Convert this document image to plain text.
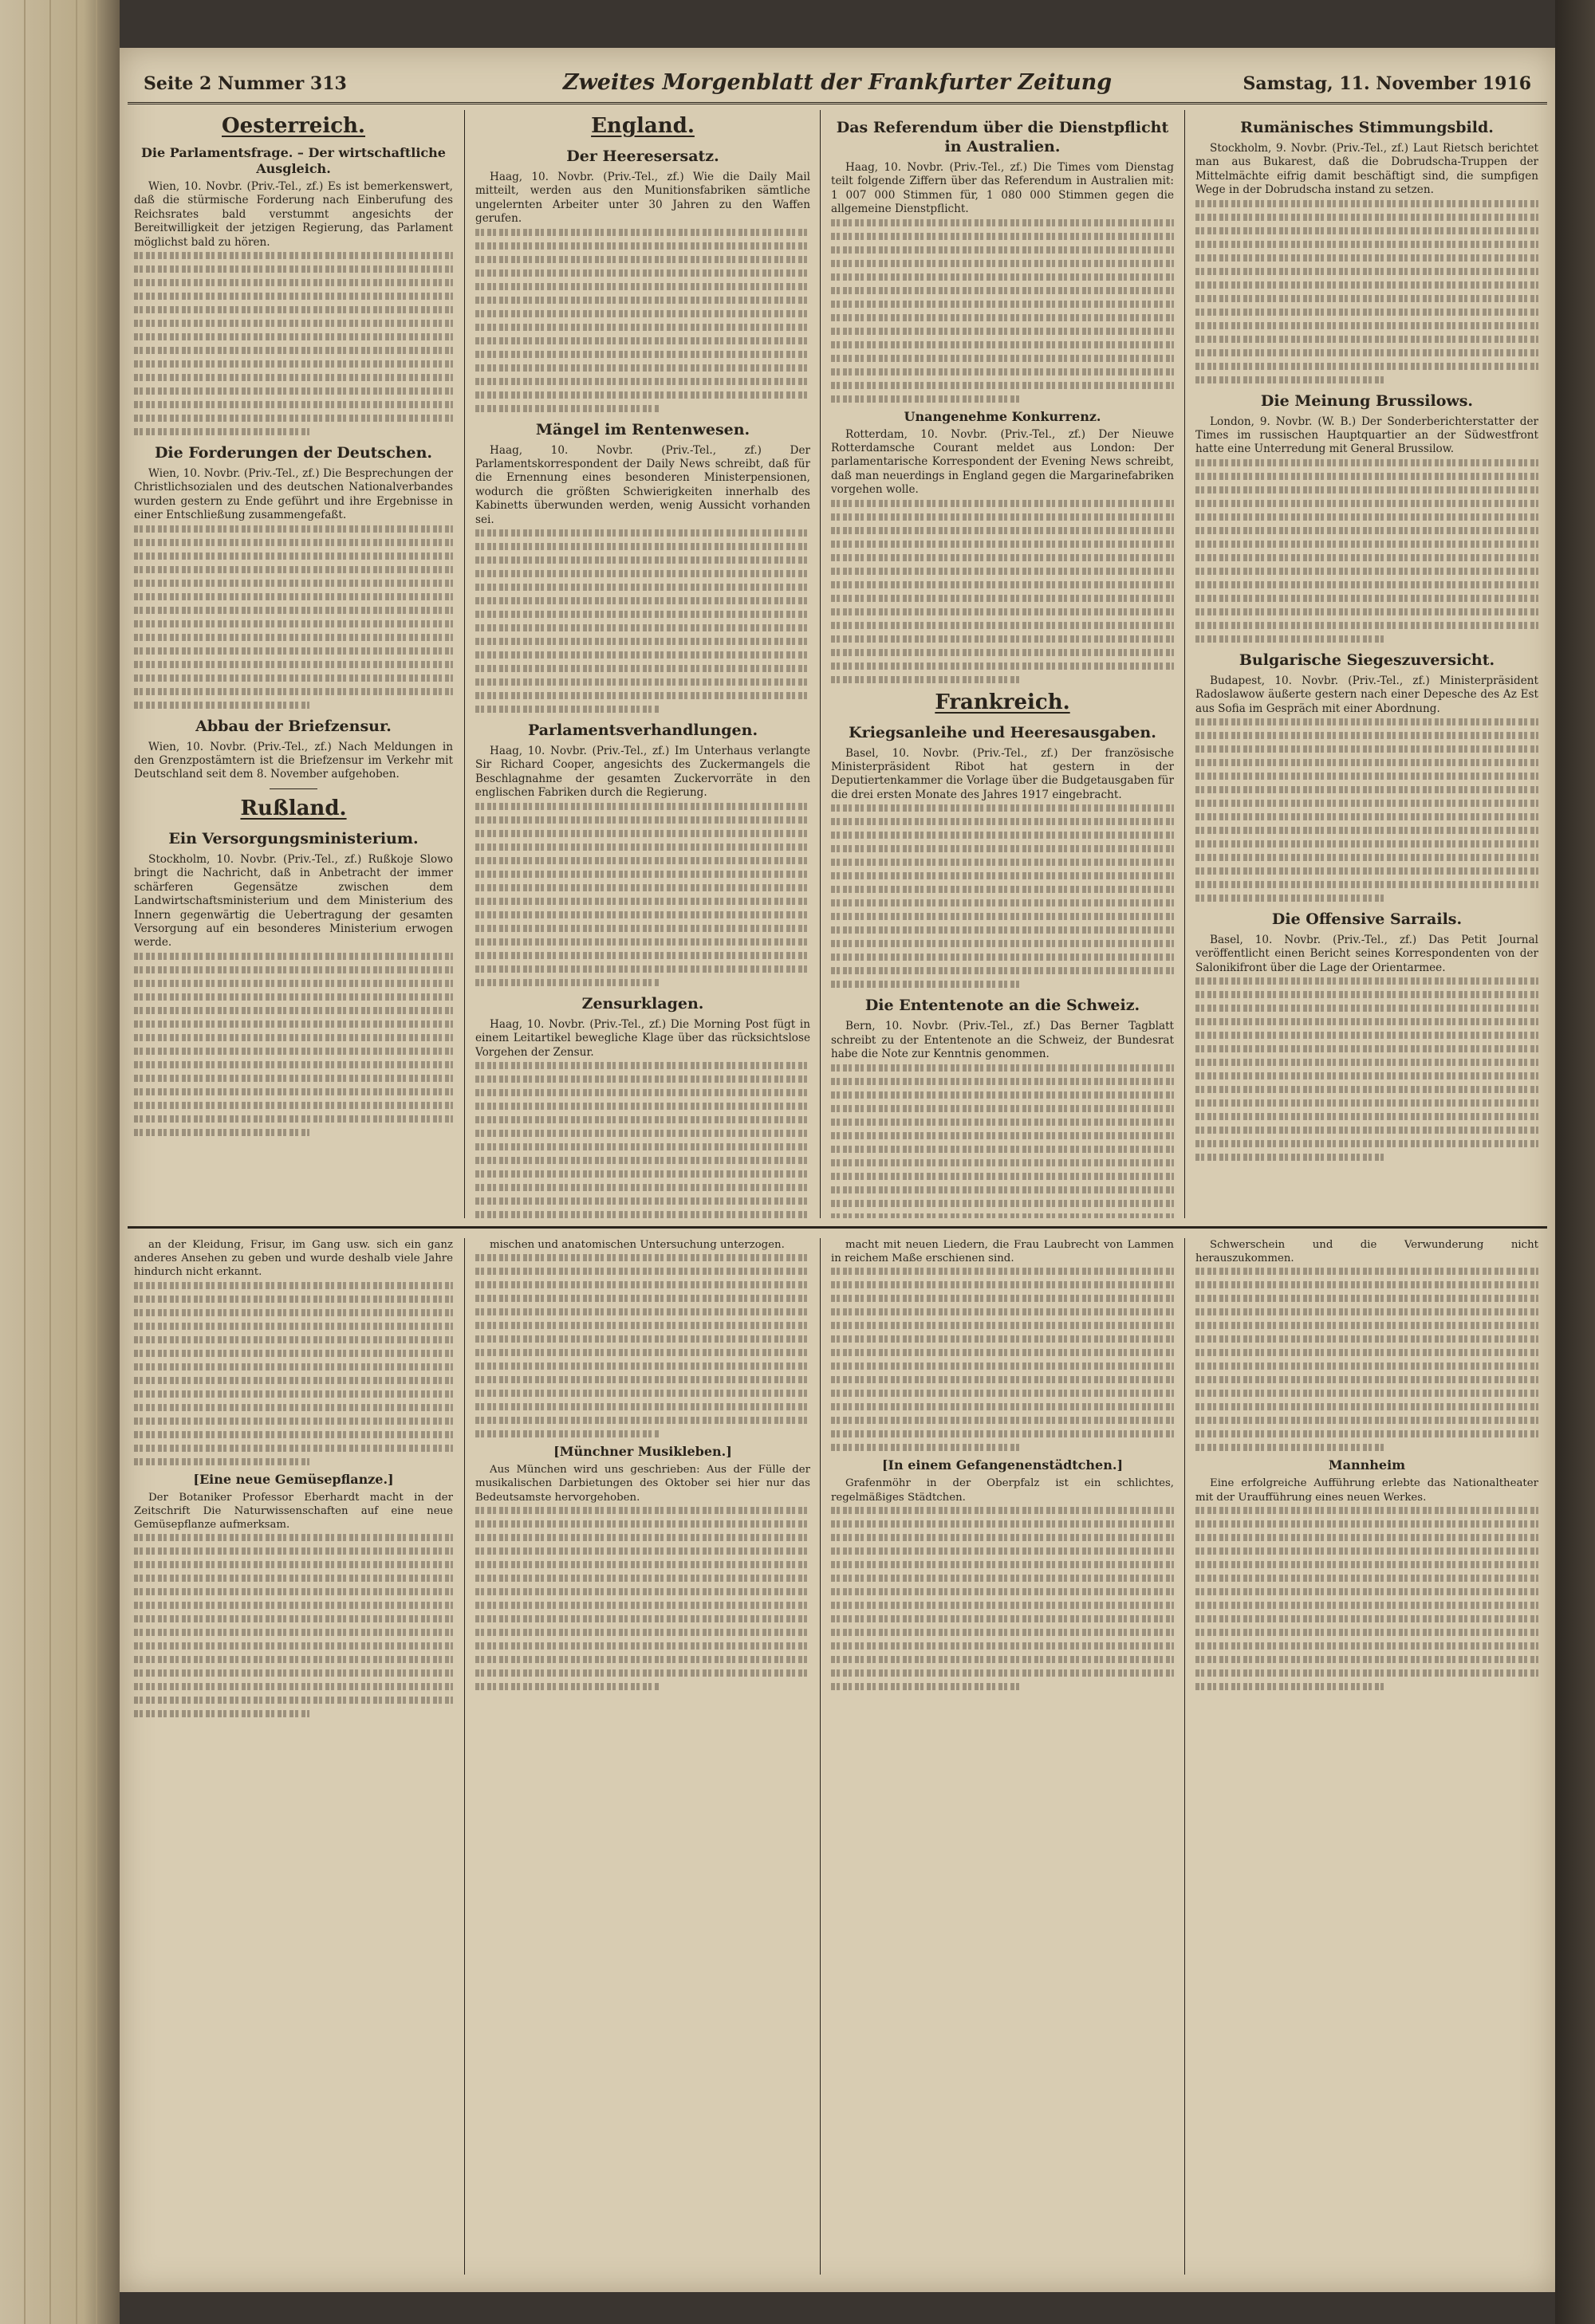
Seite 2 Nummer 313	Zweites Morgenblatt der Frankfurter Zeitung	Samstag, 11. November 1916
Oesterreich.
Die Parlamentsfrage. – Der wirtschaftliche Ausgleich.

Wien, 10. Novbr. (Priv.-Tel., zf.) Es ist bemerkenswert, daß die stürmische Forderung nach Einberufung des Reichsrates bald verstummt angesichts der Bereitwilligkeit der jetzigen Regierung, das Parlament möglichst bald zu hören.

Die Forderungen der Deutschen.

Wien, 10. Novbr. (Priv.-Tel., zf.) Die Besprechungen der Christlichsozialen und des deutschen Nationalverbandes wurden gestern zu Ende geführt und ihre Ergebnisse in einer Entschließung zusammengefaßt.

Abbau der Briefzensur.

Wien, 10. Novbr. (Priv.-Tel., zf.) Nach Meldungen in den Grenzpostämtern ist die Briefzensur im Verkehr mit Deutschland seit dem 8. November aufgehoben.

Rußland.
Ein Versorgungsministerium.

Stockholm, 10. Novbr. (Priv.-Tel., zf.) Rußkoje Slowo bringt die Nachricht, daß in Anbetracht der immer schärferen Gegensätze zwischen dem Landwirtschaftsministerium und dem Ministerium des Innern gegenwärtig die Uebertragung der gesamten Versorgung auf ein besonderes Ministerium erwogen werde.

England.
Der Heeresersatz.

Haag, 10. Novbr. (Priv.-Tel., zf.) Wie die Daily Mail mitteilt, werden aus den Munitionsfabriken sämtliche ungelernten Arbeiter unter 30 Jahren zu den Waffen gerufen.

Mängel im Rentenwesen.

Haag, 10. Novbr. (Priv.-Tel., zf.) Der Parlamentskorrespondent der Daily News schreibt, daß für die Ernennung eines besonderen Ministerpensionen, wodurch die größten Schwierigkeiten innerhalb des Kabinetts überwunden werden, wenig Aussicht vorhanden sei.

Parlamentsverhandlungen.

Haag, 10. Novbr. (Priv.-Tel., zf.) Im Unterhaus verlangte Sir Richard Cooper, angesichts des Zuckermangels die Beschlagnahme der gesamten Zuckervorräte in den englischen Fabriken durch die Regierung.

Zensurklagen.

Haag, 10. Novbr. (Priv.-Tel., zf.) Die Morning Post fügt in einem Leitartikel bewegliche Klage über das rücksichtslose Vorgehen der Zensur.

Das Referendum über die Dienstpflicht in Australien.

Haag, 10. Novbr. (Priv.-Tel., zf.) Die Times vom Dienstag teilt folgende Ziffern über das Referendum in Australien mit: 1 007 000 Stimmen für, 1 080 000 Stimmen gegen die allgemeine Dienstpflicht.

Unangenehme Konkurrenz.

Rotterdam, 10. Novbr. (Priv.-Tel., zf.) Der Nieuwe Rotterdamsche Courant meldet aus London: Der parlamentarische Korrespondent der Evening News schreibt, daß man neuerdings in England gegen die Margarinefabriken vorgehen wolle.

Frankreich.
Kriegsanleihe und Heeresausgaben.

Basel, 10. Novbr. (Priv.-Tel., zf.) Der französische Ministerpräsident Ribot hat gestern in der Deputiertenkammer die Vorlage über die Budgetausgaben für die drei ersten Monate des Jahres 1917 eingebracht.

Die Ententenote an die Schweiz.

Bern, 10. Novbr. (Priv.-Tel., zf.) Das Berner Tagblatt schreibt zu der Ententenote an die Schweiz, der Bundesrat habe die Note zur Kenntnis genommen.

Rumänisches Stimmungsbild.

Stockholm, 9. Novbr. (Priv.-Tel., zf.) Laut Rietsch berichtet man aus Bukarest, daß die Dobrudscha-Truppen der Mittelmächte eifrig damit beschäftigt sind, die sumpfigen Wege in der Dobrudscha instand zu setzen.

Die Meinung Brussilows.

London, 9. Novbr. (W. B.) Der Sonderberichterstatter der Times im russischen Hauptquartier an der Südwestfront hatte eine Unterredung mit General Brussilow.

Bulgarische Siegeszuversicht.

Budapest, 10. Novbr. (Priv.-Tel., zf.) Ministerpräsident Radoslawow äußerte gestern nach einer Depesche des Az Est aus Sofia im Gespräch mit einer Abordnung.

Die Offensive Sarrails.

Basel, 10. Novbr. (Priv.-Tel., zf.) Das Petit Journal veröffentlicht einen Bericht seines Korrespondenten von der Salonikifront über die Lage der Orientarmee.

an der Kleidung, Frisur, im Gang usw. sich ein ganz anderes Ansehen zu geben und wurde deshalb viele Jahre hindurch nicht erkannt.

[Eine neue Gemüsepflanze.]

Der Botaniker Professor Eberhardt macht in der Zeitschrift Die Naturwissenschaften auf eine neue Gemüsepflanze aufmerksam.

mischen und anatomischen Untersuchung unterzogen.

[Münchner Musikleben.]

Aus München wird uns geschrieben: Aus der Fülle der musikalischen Darbietungen des Oktober sei hier nur das Bedeutsamste hervorgehoben.

macht mit neuen Liedern, die Frau Laubrecht von Lammen in reichem Maße erschienen sind.

[In einem Gefangenenstädtchen.]

Grafenmöhr in der Oberpfalz ist ein schlichtes, regelmäßiges Städtchen.

Schwerschein und die Verwunderung nicht herauszukommen.

Mannheim

Eine erfolgreiche Aufführung erlebte das Nationaltheater mit der Uraufführung eines neuen Werkes.
